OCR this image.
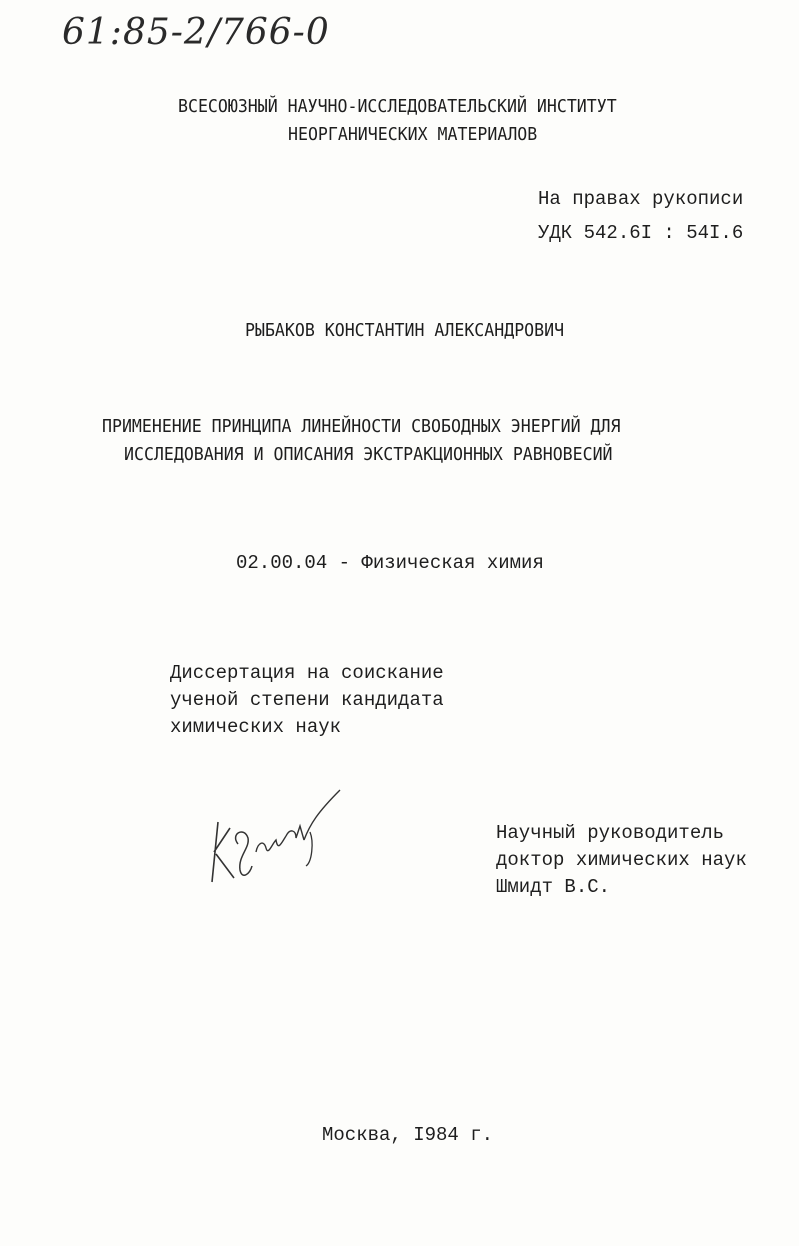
61:85-2/766-0
ВСЕСОЮЗНЫЙ НАУЧНО-ИССЛЕДОВАТЕЛЬСКИЙ ИНСТИТУТ
НЕОРГАНИЧЕСКИХ МАТЕРИАЛОВ
На правах рукописи
УДК 542.6I : 54I.6
РЫБАКОВ КОНСТАНТИН АЛЕКСАНДРОВИЧ
ПРИМЕНЕНИЕ ПРИНЦИПА ЛИНЕЙНОСТИ СВОБОДНЫХ ЭНЕРГИЙ ДЛЯ
ИССЛЕДОВАНИЯ И ОПИСАНИЯ ЭКСТРАКЦИОННЫХ РАВНОВЕСИЙ
02.00.04 - Физическая химия
Диссертация на соискание
ученой степени кандидата
химических наук
Научный руководитель
доктор химических наук
Шмидт В.С.
Москва, I984 г.
